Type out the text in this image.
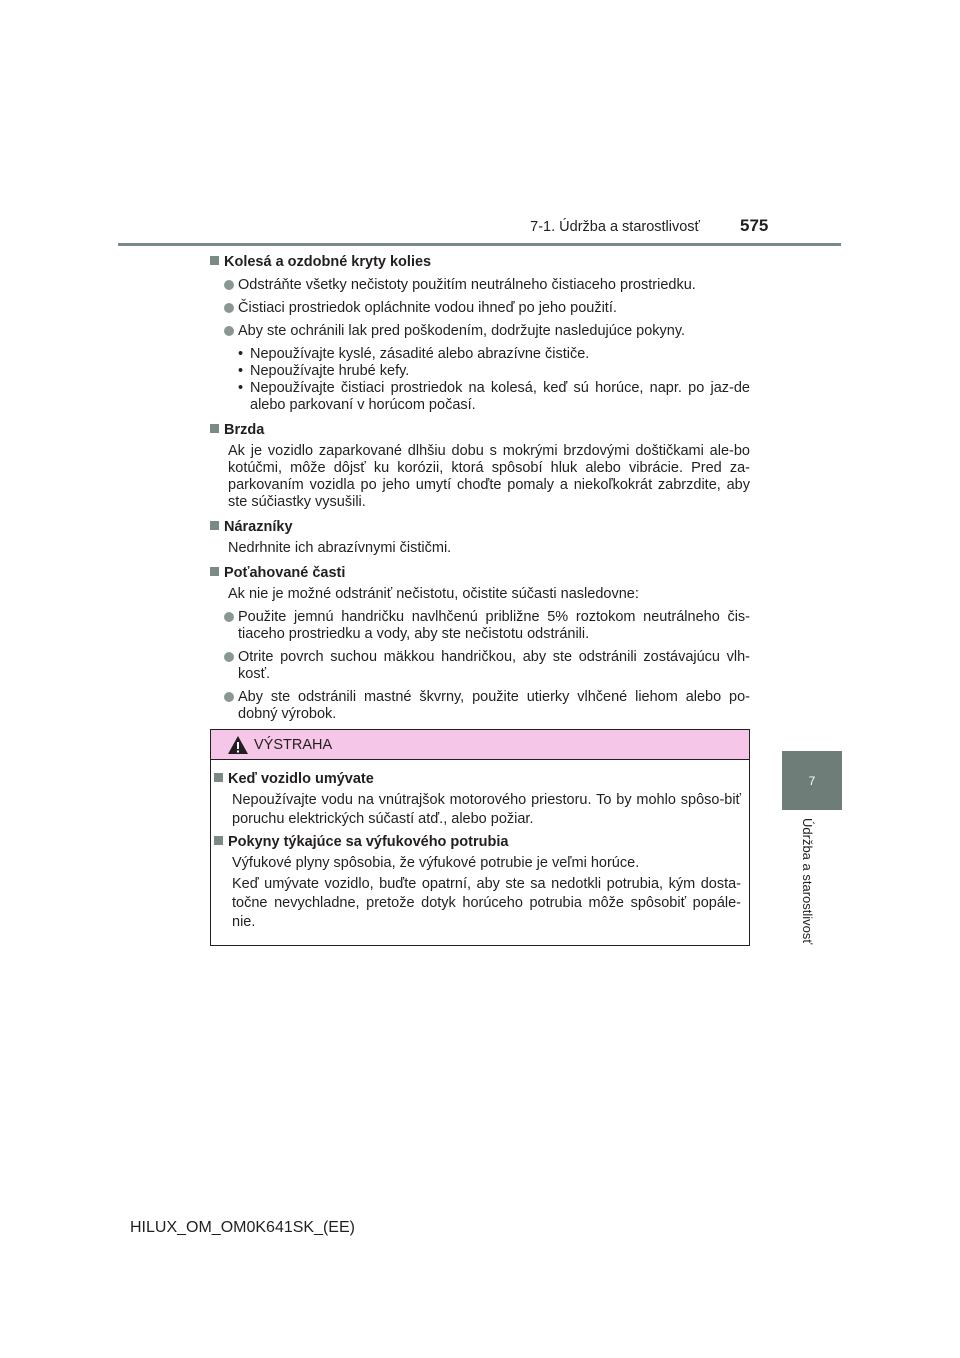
7-1. Údržba a starostlivosť 575
7
Údržba a starostlivosť
Kolesá a ozdobné kryty kolies
Odstráňte všetky nečistoty použitím neutrálneho čistiaceho prostriedku.
Čistiaci prostriedok opláchnite vodou ihneď po jeho použití.
Aby ste ochránili lak pred poškodením, dodržujte nasledujúce pokyny.
• Nepoužívajte kyslé, zásadité alebo abrazívne čističe.
• Nepoužívajte hrubé kefy.
• Nepoužívajte čistiaci prostriedok na kolesá, keď sú horúce, napr. po jaz-de alebo parkovaní v horúcom počasí.
Brzda
Ak je vozidlo zaparkované dlhšiu dobu s mokrými brzdovými doštičkami ale-bo kotúčmi, môže dôjsť ku korózii, ktorá spôsobí hluk alebo vibrácie. Pred za-parkovaním vozidla po jeho umytí choďte pomaly a niekoľkokrát zabrzdite, aby ste súčiastky vysušili.
Nárazníky
Nedrhnite ich abrazívnymi čističmi.
Poťahované časti
Ak nie je možné odstrániť nečistotu, očistite súčasti nasledovne:
Použite jemnú handričku navlhčenú približne 5% roztokom neutrálneho čis-tiaceho prostriedku a vody, aby ste nečistotu odstránili.
Otrite povrch suchou mäkkou handričkou, aby ste odstránili zostávajúcu vlh-kosť.
Aby ste odstránili mastné škvrny, použite utierky vlhčené liehom alebo po-dobný výrobok.
VÝSTRAHA
Keď vozidlo umývate
Nepoužívajte vodu na vnútrajšok motorového priestoru. To by mohlo spôso-biť poruchu elektrických súčastí atď., alebo požiar.
Pokyny týkajúce sa výfukového potrubia
Výfukové plyny spôsobia, že výfukové potrubie je veľmi horúce.
Keď umývate vozidlo, buďte opatrní, aby ste sa nedotkli potrubia, kým dosta-točne nevychladne, pretože dotyk horúceho potrubia môže spôsobiť popále-nie.
HILUX_OM_OM0K641SK_(EE)
